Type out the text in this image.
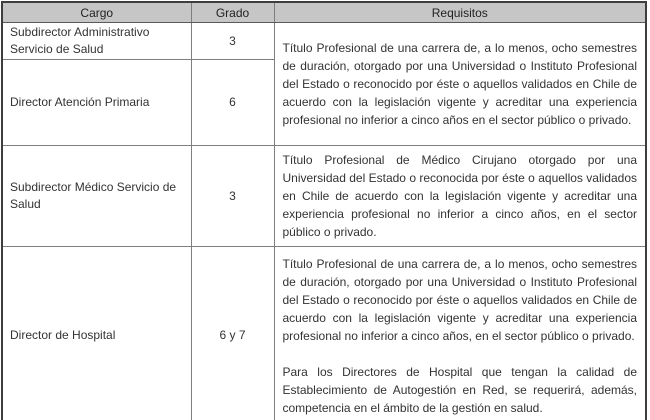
Cargo	Grado	Requisitos
Subdirector Administrativo Servicio de Salud	3	Título Profesional de una carrera de, a lo menos, ocho semestres de duración, otorgado por una Universidad o Instituto Profesional del Estado o reconocido por éste o aquellos validados en Chile de acuerdo con la legislación vigente y acreditar una experiencia profesional no inferior a cinco años en el sector público o privado.

Director Atención Primaria	6	
Subdirector Médico Servicio de Salud	3	Título Profesional de Médico Cirujano otorgado por una Universidad del Estado o reconocida por éste o aquellos validados en Chile de acuerdo con la legislación vigente y acreditar una experiencia profesional no inferior a cinco años, en el sector público o privado.

Director de Hospital	6 y 7	Título Profesional de una carrera de, a lo menos, ocho semestres de duración, otorgado por una Universidad o Instituto Profesional del Estado o reconocido por éste o aquellos validados en Chile de acuerdo con la legislación vigente y acreditar una experiencia profesional no inferior a cinco años, en el sector público o privado.

Para los Directores de Hospital que tengan la calidad de Establecimiento de Autogestión en Red, se requerirá, además, competencia en el ámbito de la gestión en salud.
